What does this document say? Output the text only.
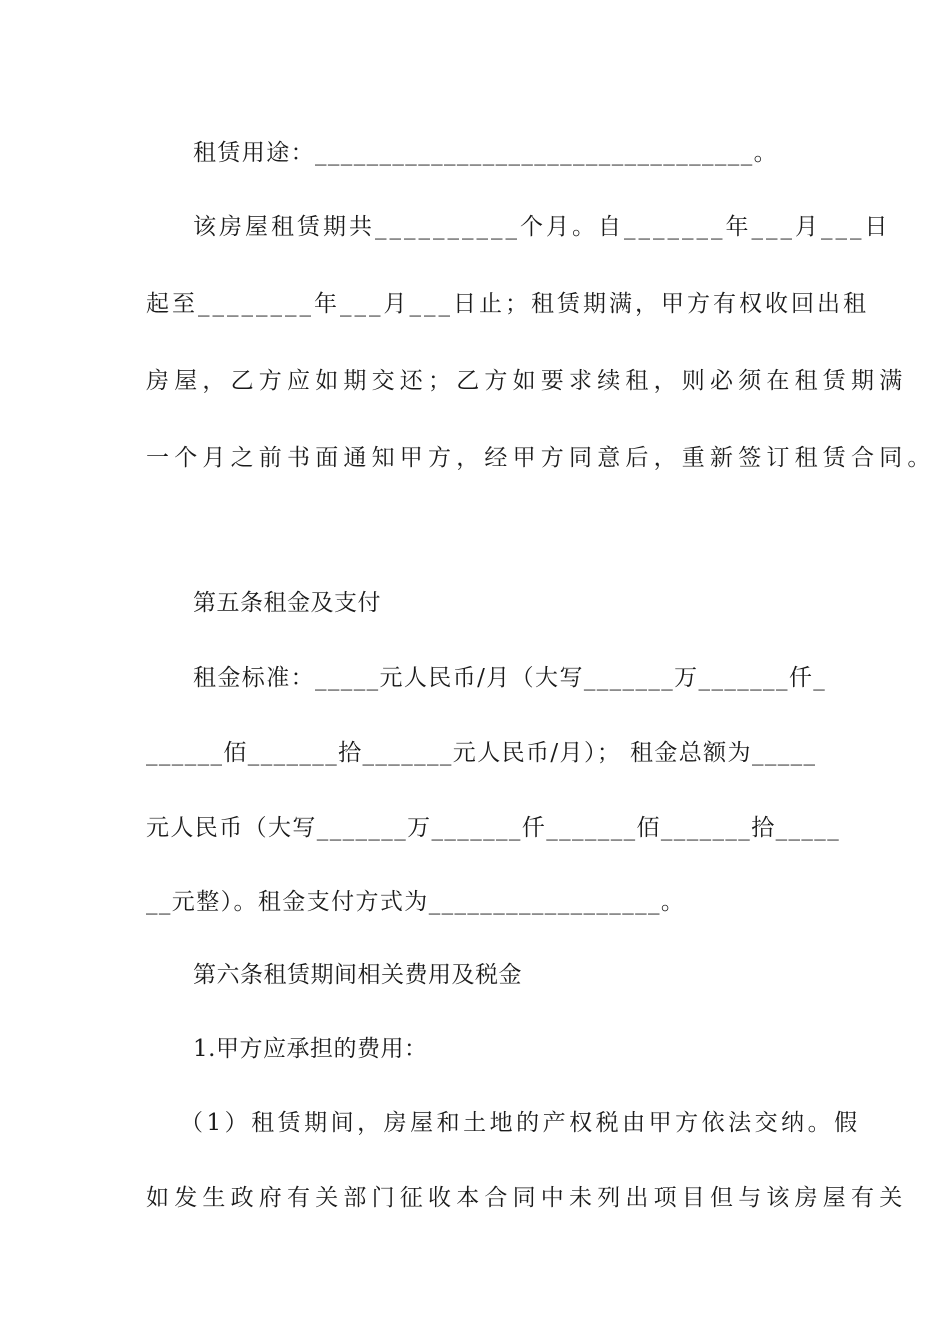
租赁用途：__________________________________。
该房屋租赁期共__________个月。自_______年___月___日
起至________年___月___日止；租赁期满，甲方有权收回出租
房屋，乙方应如期交还；乙方如要求续租，则必须在租赁期满
一个月之前书面通知甲方，经甲方同意后，重新签订租赁合同。
第五条租金及支付
租金标准：_____元人民币/月（大写_______万_______仟_
______佰_______拾_______元人民币/月）； 租金总额为_____
元人民币（大写_______万_______仟_______佰_______拾_____
__元整）。租金支付方式为__________________。
第六条租赁期间相关费用及税金
1.甲方应承担的费用：
（1）租赁期间，房屋和土地的产权税由甲方依法交纳。假
如发生政府有关部门征收本合同中未列出项目但与该房屋有关
